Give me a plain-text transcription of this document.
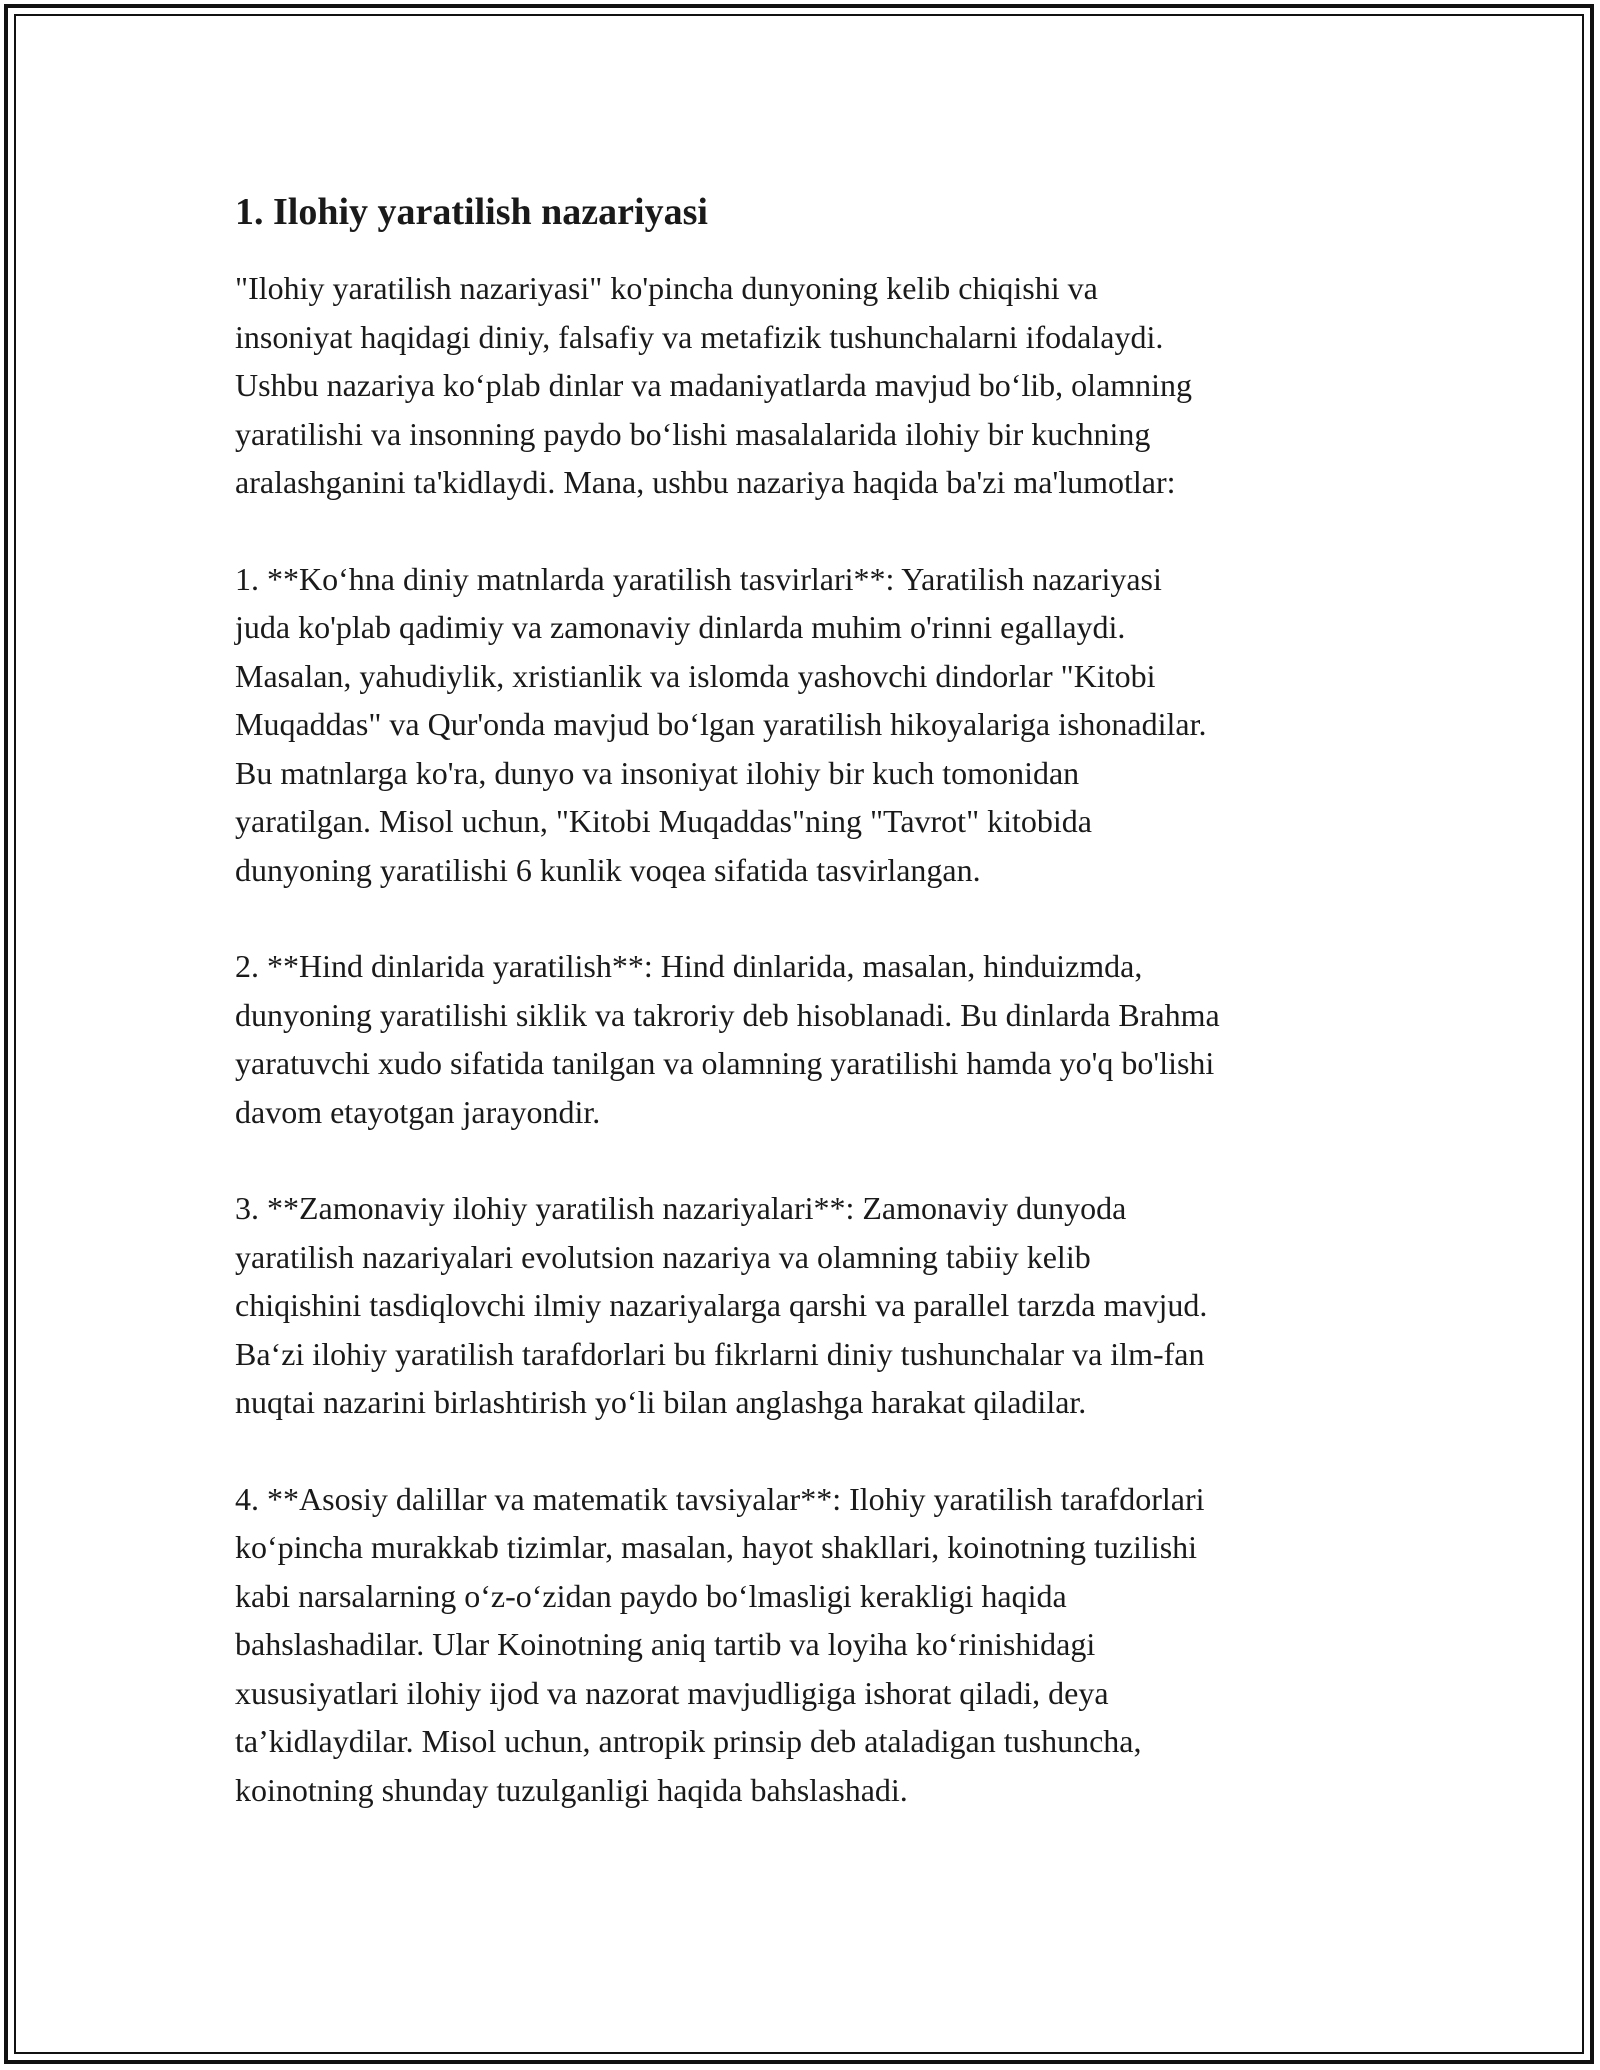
1. Ilohiy yaratilish nazariyasi

"Ilohiy yaratilish nazariyasi" ko'pincha dunyoning kelib chiqishi va
insoniyat haqidagi diniy, falsafiy va metafizik tushunchalarni ifodalaydi.
Ushbu nazariya ko‘plab dinlar va madaniyatlarda mavjud bo‘lib, olamning
yaratilishi va insonning paydo bo‘lishi masalalarida ilohiy bir kuchning
aralashganini ta'kidlaydi. Mana, ushbu nazariya haqida ba'zi ma'lumotlar:

1. **Ko‘hna diniy matnlarda yaratilish tasvirlari**: Yaratilish nazariyasi
juda ko'plab qadimiy va zamonaviy dinlarda muhim o'rinni egallaydi.
Masalan, yahudiylik, xristianlik va islomda yashovchi dindorlar "Kitobi
Muqaddas" va Qur'onda mavjud bo‘lgan yaratilish hikoyalariga ishonadilar.
Bu matnlarga ko'ra, dunyo va insoniyat ilohiy bir kuch tomonidan
yaratilgan. Misol uchun, "Kitobi Muqaddas"ning "Tavrot" kitobida
dunyoning yaratilishi 6 kunlik voqea sifatida tasvirlangan.

2. **Hind dinlarida yaratilish**: Hind dinlarida, masalan, hinduizmda,
dunyoning yaratilishi siklik va takroriy deb hisoblanadi. Bu dinlarda Brahma
yaratuvchi xudo sifatida tanilgan va olamning yaratilishi hamda yo'q bo'lishi
davom etayotgan jarayondir.

3. **Zamonaviy ilohiy yaratilish nazariyalari**: Zamonaviy dunyoda
yaratilish nazariyalari evolutsion nazariya va olamning tabiiy kelib
chiqishini tasdiqlovchi ilmiy nazariyalarga qarshi va parallel tarzda mavjud.
Ba‘zi ilohiy yaratilish tarafdorlari bu fikrlarni diniy tushunchalar va ilm-fan
nuqtai nazarini birlashtirish yo‘li bilan anglashga harakat qiladilar.

4. **Asosiy dalillar va matematik tavsiyalar**: Ilohiy yaratilish tarafdorlari
ko‘pincha murakkab tizimlar, masalan, hayot shakllari, koinotning tuzilishi
kabi narsalarning o‘z-o‘zidan paydo bo‘lmasligi kerakligi haqida
bahslashadilar. Ular Koinotning aniq tartib va loyiha ko‘rinishidagi
xususiyatlari ilohiy ijod va nazorat mavjudligiga ishorat qiladi, deya
ta’kidlaydilar. Misol uchun, antropik prinsip deb ataladigan tushuncha,
koinotning shunday tuzulganligi haqida bahslashadi.
